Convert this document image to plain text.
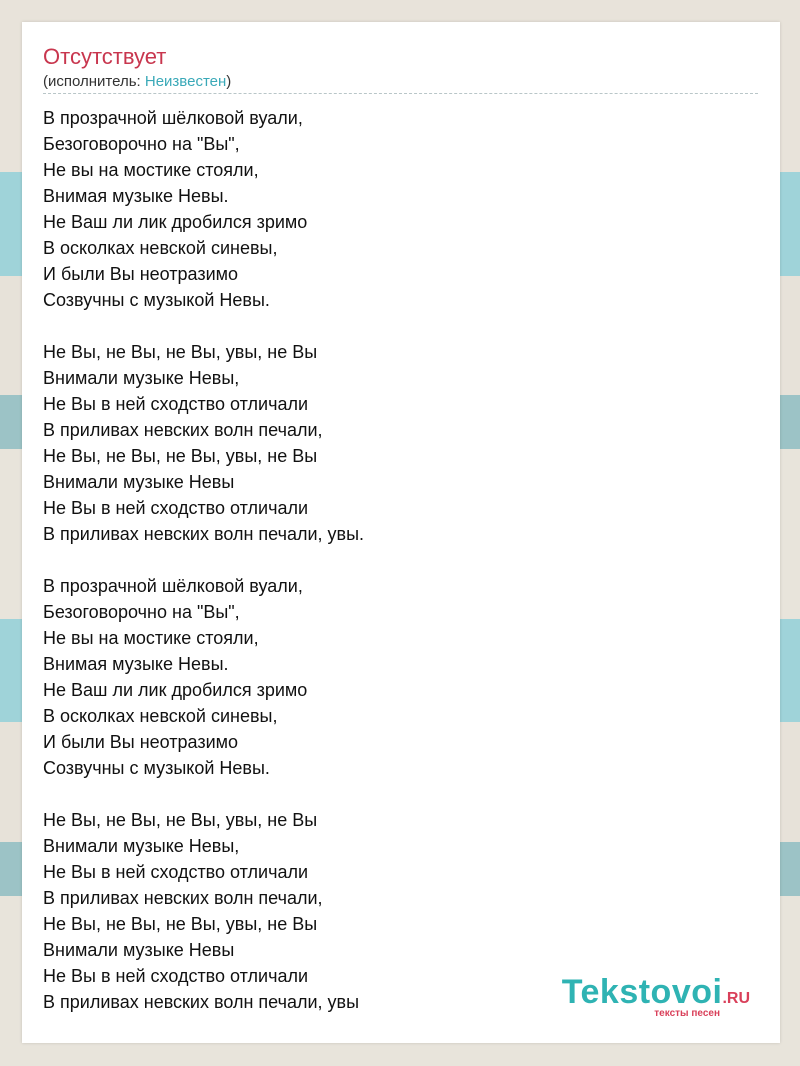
Отсутствует
(исполнитель: Неизвестен)
В прозрачной шёлковой вуали,
Безоговорочно на "Вы",
Не вы на мостике стояли,
Внимая музыке Невы.
Не Ваш ли лик дробился зримо
В осколках невской синевы,
И были Вы неотразимо
Созвучны с музыкой Невы.
Не Вы, не Вы, не Вы, увы, не Вы
Внимали музыке Невы,
Не Вы в ней сходство отличали
В приливах невских волн печали,
Не Вы, не Вы, не Вы, увы, не Вы
Внимали музыке Невы
Не Вы в ней сходство отличали
В приливах невских волн печали, увы.
В прозрачной шёлковой вуали,
Безоговорочно на "Вы",
Не вы на мостике стояли,
Внимая музыке Невы.
Не Ваш ли лик дробился зримо
В осколках невской синевы,
И были Вы неотразимо
Созвучны с музыкой Невы.
Не Вы, не Вы, не Вы, увы, не Вы
Внимали музыке Невы,
Не Вы в ней сходство отличали
В приливах невских волн печали,
Не Вы, не Вы, не Вы, увы, не Вы
Внимали музыке Невы
Не Вы в ней сходство отличали
В приливах невских волн печали, увы	Tekstovoi.RU
тексты песен
